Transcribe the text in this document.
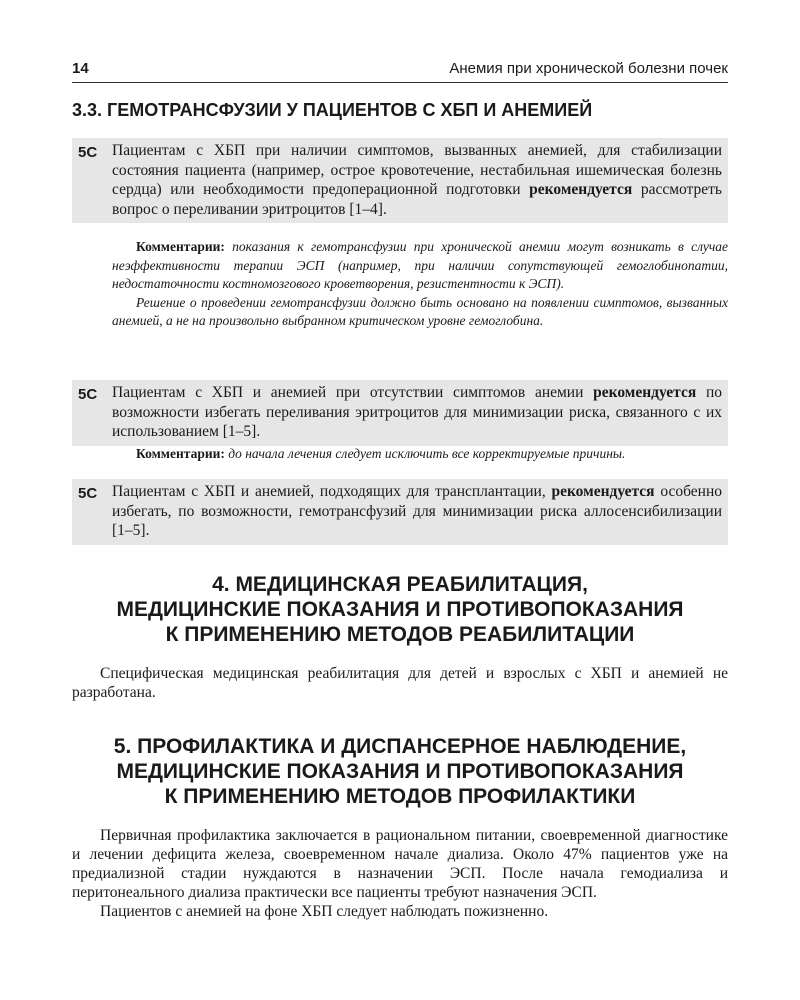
14	Анемия при хронической болезни почек
3.3. ГЕМОТРАНСФУЗИИ У ПАЦИЕНТОВ С ХБП И АНЕМИЕЙ
5C Пациентам с ХБП при наличии симптомов, вызванных анемией, для стабилизации состояния пациента (например, острое кровотечение, нестабильная ишемическая болезнь сердца) или необходимости предоперационной подготовки рекомендуется рассмотреть вопрос о переливании эритроцитов [1–4].

Комментарии: показания к гемотрансфузии при хронической анемии могут возникать в случае неэффективности терапии ЭСП (например, при наличии сопутствующей гемоглобинопатии, недостаточности костномозгового кроветворения, резистентности к ЭСП).

Решение о проведении гемотрансфузии должно быть основано на появлении симптомов, вызванных анемией, а не на произвольно выбранном критическом уровне гемоглобина.

5C Пациентам с ХБП и анемией при отсутствии симптомов анемии рекомендуется по возможности избегать переливания эритроцитов для минимизации риска, связанного с их использованием [1–5].

Комментарии: до начала лечения следует исключить все корректируемые причины.

5C Пациентам с ХБП и анемией, подходящих для трансплантации, рекомендуется особенно избегать, по возможности, гемотрансфузий для минимизации риска аллосенсибилизации [1–5].
4. МЕДИЦИНСКАЯ РЕАБИЛИТАЦИЯ,
МЕДИЦИНСКИЕ ПОКАЗАНИЯ И ПРОТИВОПОКАЗАНИЯ
К ПРИМЕНЕНИЮ МЕТОДОВ РЕАБИЛИТАЦИИ

Специфическая медицинская реабилитация для детей и взрослых с ХБП и анемией не разработана.

5. ПРОФИЛАКТИКА И ДИСПАНСЕРНОЕ НАБЛЮДЕНИЕ,
МЕДИЦИНСКИЕ ПОКАЗАНИЯ И ПРОТИВОПОКАЗАНИЯ
К ПРИМЕНЕНИЮ МЕТОДОВ ПРОФИЛАКТИКИ

Первичная профилактика заключается в рациональном питании, своевременной диагностике и лечении дефицита железа, своевременном начале диализа. Около 47% пациентов уже на предиализной стадии нуждаются в назначении ЭСП. После начала гемодиализа и перитонеального диализа практически все пациенты требуют назначения ЭСП.

Пациентов с анемией на фоне ХБП следует наблюдать пожизненно.
